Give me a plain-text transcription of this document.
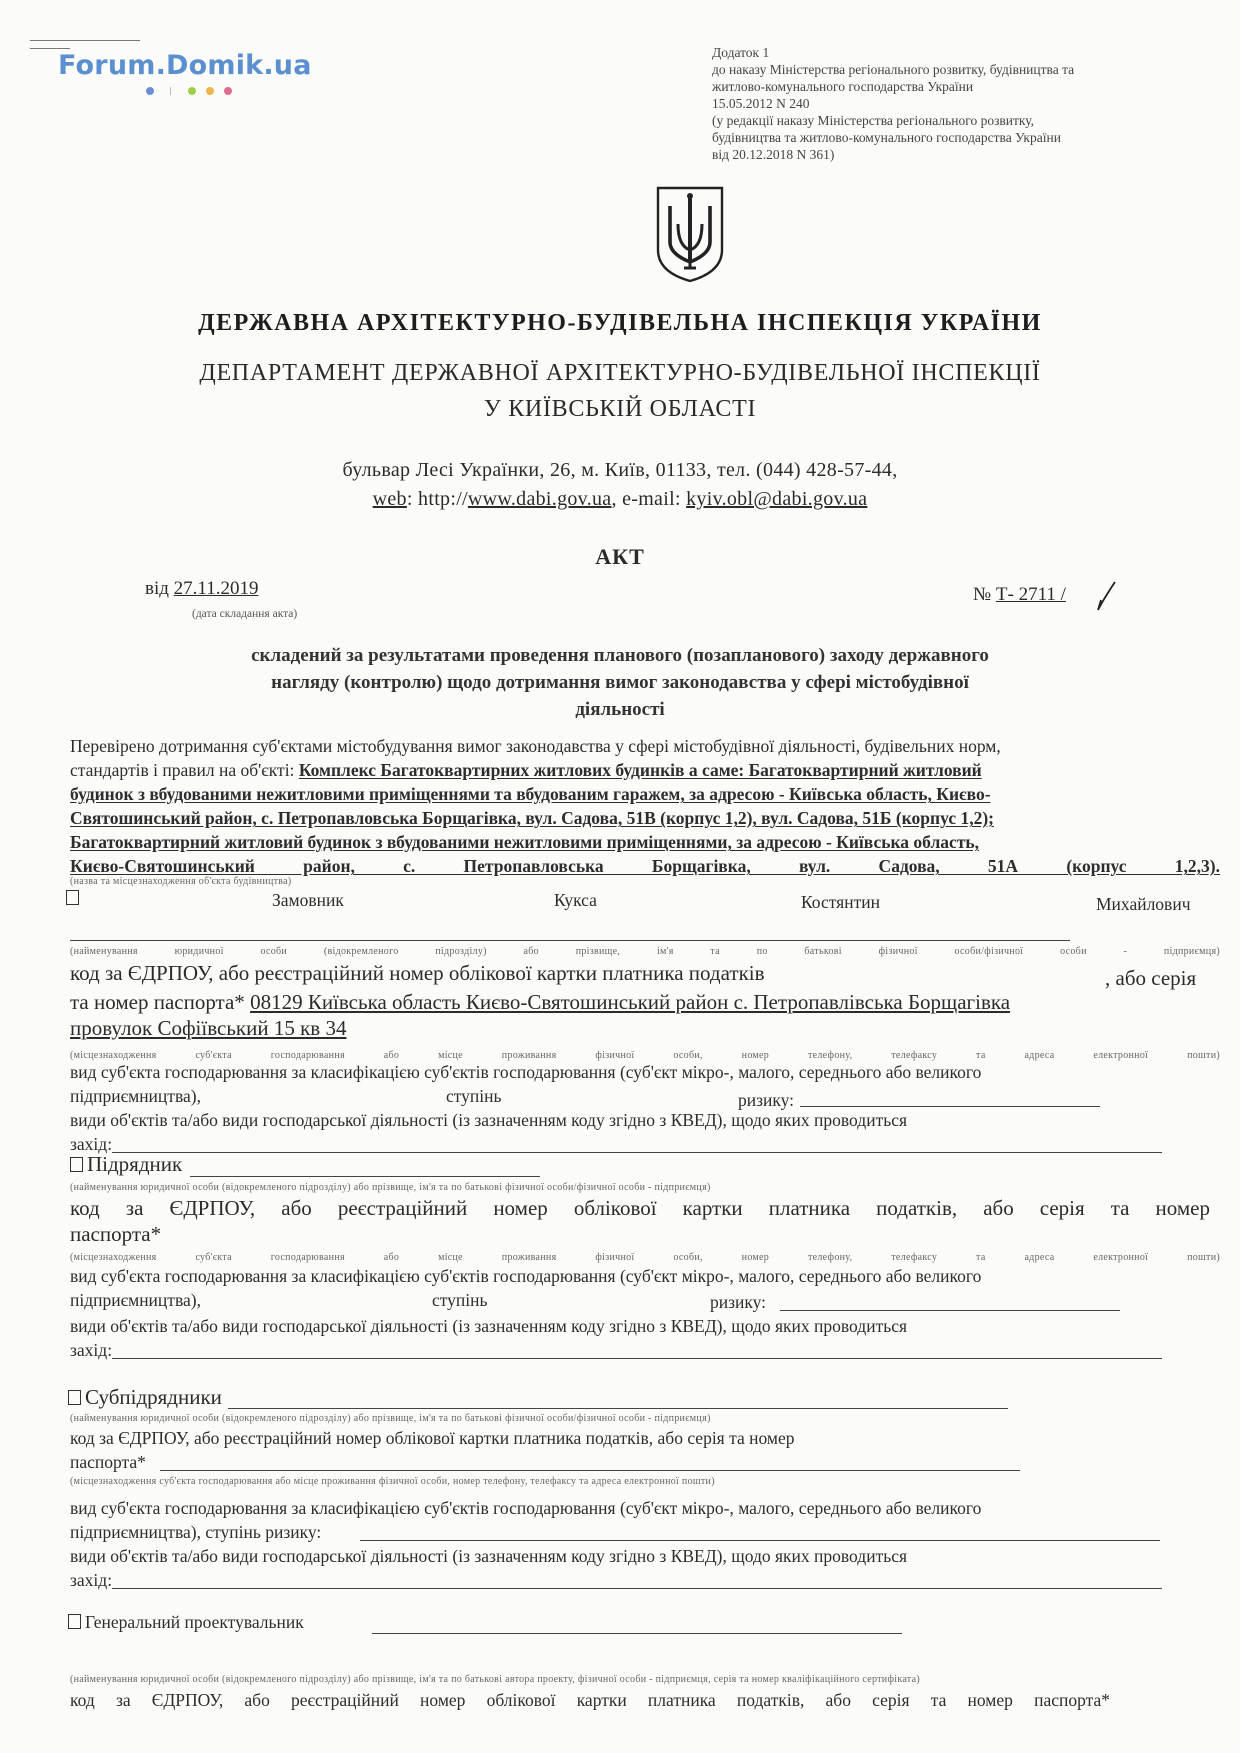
Forum.Domik.ua	Додаток 1
до наказу Міністерства регіонального розвитку, будівництва та
житлово-комунального господарства України
15.05.2012 N 240
(у редакції наказу Міністерства регіонального розвитку,
будівництва та житлово-комунального господарства України
від 20.12.2018 N 361)
ДЕРЖАВНА АРХІТЕКТУРНО-БУДІВЕЛЬНА ІНСПЕКЦІЯ УКРАЇНИ
ДЕПАРТАМЕНТ ДЕРЖАВНОЇ АРХІТЕКТУРНО-БУДІВЕЛЬНОЇ ІНСПЕКЦІЇ
У КИЇВСЬКІЙ ОБЛАСТІ
бульвар Лесі Українки, 26, м. Київ, 01133, тел. (044) 428-57-44,
web: http://www.dabi.gov.ua, e-mail: kyiv.obl@dabi.gov.ua
АКТ
від 27.11.2019
(дата складання акта)
№ Т- 2711 /
складений за результатами проведення планового (позапланового) заходу державного
нагляду (контролю) щодо дотримання вимог законодавства у сфері містобудівної
діяльності
Перевірено дотримання суб'єктами містобудування вимог законодавства у сфері містобудівної діяльності, будівельних норм,
стандартів і правил на об'єкті: Комплекс Багатоквартирних житлових будинків а саме: Багатоквартирний житловий
будинок з вбудованими нежитловими приміщеннями та вбудованим гаражем, за адресою - Київська область, Києво-
Святошинський район, с. Петропавловська Борщагівка, вул. Садова, 51В (корпус 1,2), вул. Садова, 51Б (корпус 1,2);
Багатоквартирний житловий будинок з вбудованими нежитловими приміщеннями, за адресою - Київська область,
Києво-Святошинський район, с. Петропавловська Борщагівка, вул. Садова, 51А (корпус 1,2,3).
(назва та місцезнаходження об'єкта будівництва)
Замовник	Кукса	Костянтин	Михайлович
(найменування юридичної особи (відокремленого підрозділу) або прізвище, ім'я та по батькові фізичної особи/фізичної особи - підприємця)
код за ЄДРПОУ, або реєстраційний номер облікової картки платника податків	, або серія
та номер паспорта* 08129 Київська область Києво-Святошинський район с. Петропавлівська Борщагівка
провулок Софіївський 15 кв 34
(місцезнаходження суб'єкта господарювання або місце проживання фізичної особи, номер телефону, телефаксу та адреса електронної пошти)
вид суб'єкта господарювання за класифікацією суб'єктів господарювання (суб'єкт мікро-, малого, середнього або великого
підприємництва),	ступінь	ризику:
види об'єктів та/або види господарської діяльності (із зазначенням коду згідно з КВЕД), щодо яких проводиться
захід:
Підрядник
(найменування юридичної особи (відокремленого підрозділу) або прізвище, ім'я та по батькові фізичної особи/фізичної особи - підприємця)
код за ЄДРПОУ, або реєстраційний номер облікової картки платника податків, або серія та номер
паспорта*
(місцезнаходження суб'єкта господарювання або місце проживання фізичної особи, номер телефону, телефаксу та адреса електронної пошти)
вид суб'єкта господарювання за класифікацією суб'єктів господарювання (суб'єкт мікро-, малого, середнього або великого
підприємництва),	ступінь	ризику:
види об'єктів та/або види господарської діяльності (із зазначенням коду згідно з КВЕД), щодо яких проводиться
захід:
Субпідрядники
(найменування юридичної особи (відокремленого підрозділу) або прізвище, ім'я та по батькові фізичної особи/фізичної особи - підприємця)
код за ЄДРПОУ, або реєстраційний номер облікової картки платника податків, або серія та номер
паспорта*
(місцезнаходження суб'єкта господарювання або місце проживання фізичної особи, номер телефону, телефаксу та адреса електронної пошти)
вид суб'єкта господарювання за класифікацією суб'єктів господарювання (суб'єкт мікро-, малого, середнього або великого
підприємництва), ступінь ризику:
види об'єктів та/або види господарської діяльності (із зазначенням коду згідно з КВЕД), щодо яких проводиться
захід:
Генеральний проектувальник
(найменування юридичної особи (відокремленого підрозділу) або прізвище, ім'я та по батькові автора проекту, фізичної особи - підприємця, серія та номер кваліфікаційного сертифіката)
код за ЄДРПОУ, або реєстраційний номер облікової картки платника податків, або серія та номер паспорта*
